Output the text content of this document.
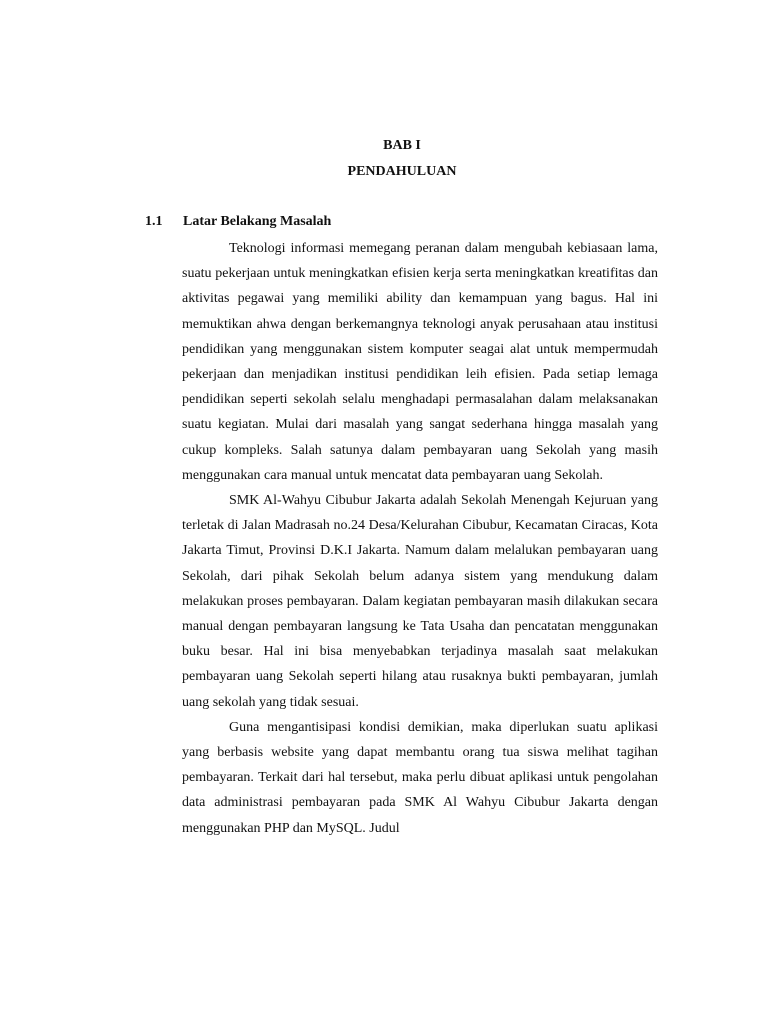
BAB I
PENDAHULUAN
1.1 Latar Belakang Masalah

Teknologi informasi memegang peranan dalam mengubah kebiasaan lama, suatu pekerjaan untuk meningkatkan efisien kerja serta meningkatkan kreatifitas dan aktivitas pegawai yang memiliki ability dan kemampuan yang bagus. Hal ini memuktikan ahwa dengan berkemangnya teknologi anyak perusahaan atau institusi pendidikan yang menggunakan sistem komputer seagai alat untuk mempermudah pekerjaan dan menjadikan institusi pendidikan leih efisien. Pada setiap lemaga pendidikan seperti sekolah selalu menghadapi permasalahan dalam melaksanakan suatu kegiatan. Mulai dari masalah yang sangat sederhana hingga masalah yang cukup kompleks. Salah satunya dalam pembayaran uang Sekolah yang masih menggunakan cara manual untuk mencatat data pembayaran uang Sekolah.

SMK Al-Wahyu Cibubur Jakarta adalah Sekolah Menengah Kejuruan yang terletak di Jalan Madrasah no.24 Desa/Kelurahan Cibubur, Kecamatan Ciracas, Kota Jakarta Timut, Provinsi D.K.I Jakarta. Namum dalam melalukan pembayaran uang Sekolah, dari pihak Sekolah belum adanya sistem yang mendukung dalam melakukan proses pembayaran. Dalam kegiatan pembayaran masih dilakukan secara manual dengan pembayaran langsung ke Tata Usaha dan pencatatan menggunakan buku besar. Hal ini bisa menyebabkan terjadinya masalah saat melakukan pembayaran uang Sekolah seperti hilang atau rusaknya bukti pembayaran, jumlah uang sekolah yang tidak sesuai.

Guna mengantisipasi kondisi demikian, maka diperlukan suatu aplikasi yang berbasis website yang dapat membantu orang tua siswa melihat tagihan pembayaran. Terkait dari hal tersebut, maka perlu dibuat aplikasi untuk pengolahan data administrasi pembayaran pada SMK Al Wahyu Cibubur Jakarta dengan menggunakan PHP dan MySQL. Judul
